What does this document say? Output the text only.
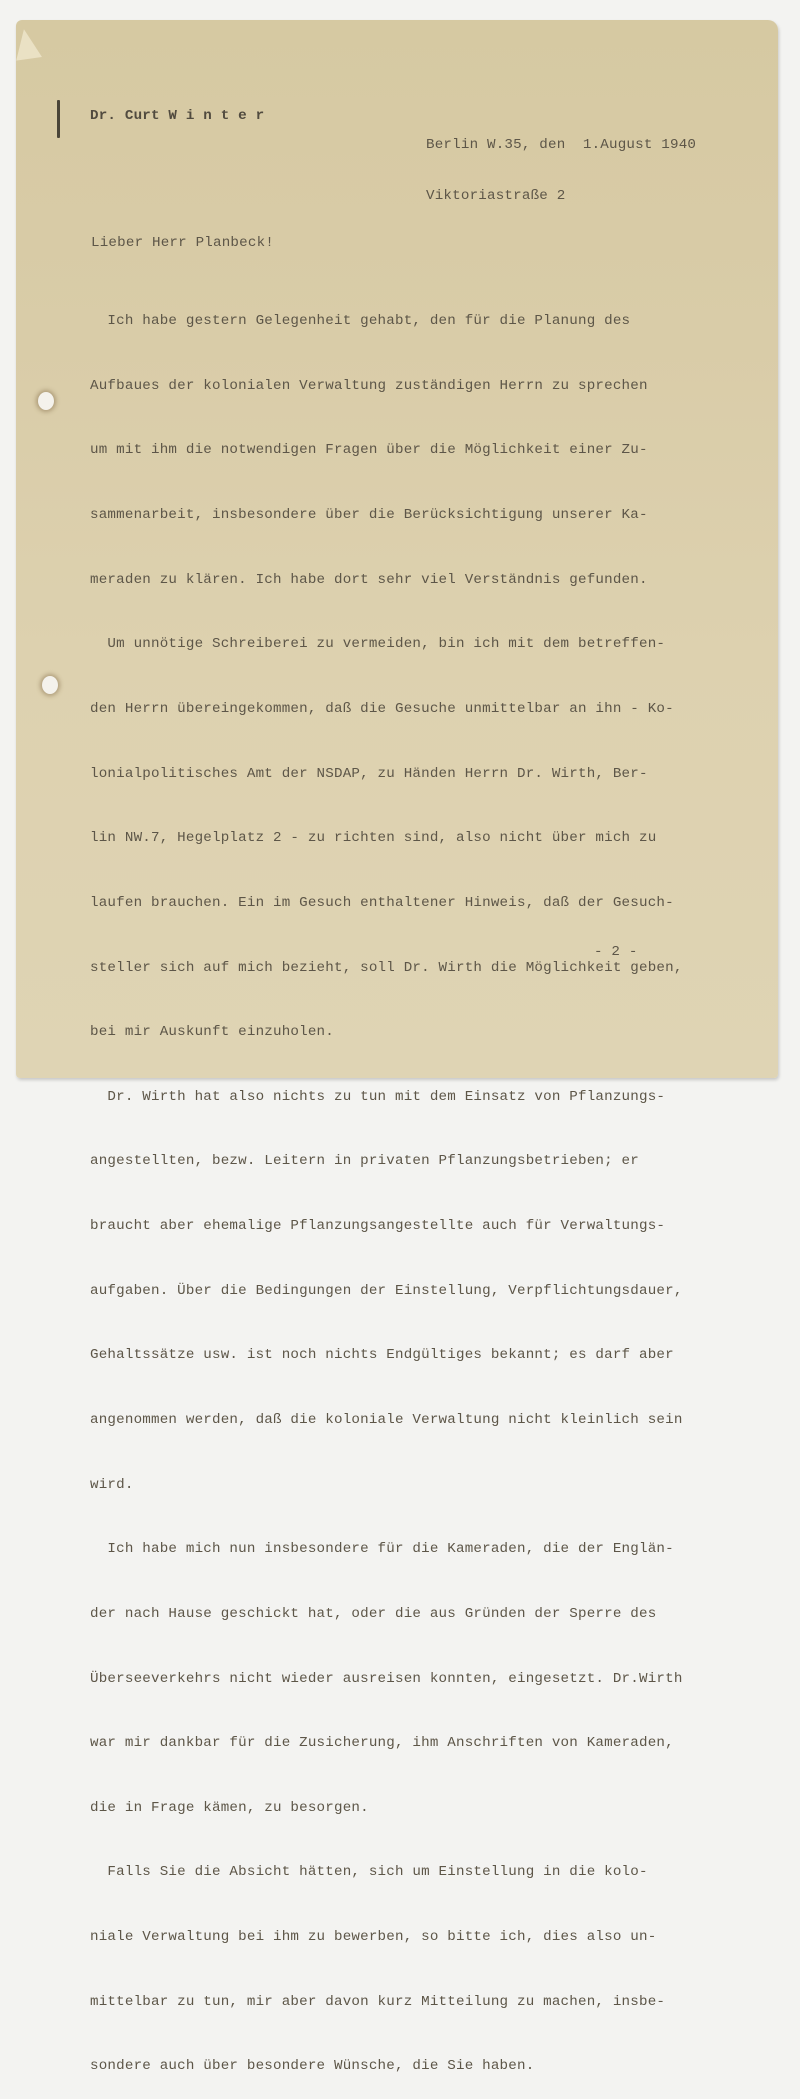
Dr. Curt W i n t e r

Berlin W.35, den  1.August 1940

Viktoriastraße 2

Lieber Herr Planbeck!

Ich habe gestern Gelegenheit gehabt, den für die Planung des

Aufbaues der kolonialen Verwaltung zuständigen Herrn zu sprechen

um mit ihm die notwendigen Fragen über die Möglichkeit einer Zu-

sammenarbeit, insbesondere über die Berücksichtigung unserer Ka-

meraden zu klären. Ich habe dort sehr viel Verständnis gefunden.

Um unnötige Schreiberei zu vermeiden, bin ich mit dem betreffen-

den Herrn übereingekommen, daß die Gesuche unmittelbar an ihn - Ko-

lonialpolitisches Amt der NSDAP, zu Händen Herrn Dr. Wirth, Ber-

lin NW.7, Hegelplatz 2 - zu richten sind, also nicht über mich zu

laufen brauchen. Ein im Gesuch enthaltener Hinweis, daß der Gesuch-

steller sich auf mich bezieht, soll Dr. Wirth die Möglichkeit geben,

bei mir Auskunft einzuholen.

Dr. Wirth hat also nichts zu tun mit dem Einsatz von Pflanzungs-

angestellten, bezw. Leitern in privaten Pflanzungsbetrieben; er

braucht aber ehemalige Pflanzungsangestellte auch für Verwaltungs-

aufgaben. Über die Bedingungen der Einstellung, Verpflichtungsdauer,

Gehaltssätze usw. ist noch nichts Endgültiges bekannt; es darf aber

angenommen werden, daß die koloniale Verwaltung nicht kleinlich sein

wird.

Ich habe mich nun insbesondere für die Kameraden, die der Englän-

der nach Hause geschickt hat, oder die aus Gründen der Sperre des

Überseeverkehrs nicht wieder ausreisen konnten, eingesetzt. Dr.Wirth

war mir dankbar für die Zusicherung, ihm Anschriften von Kameraden,

die in Frage kämen, zu besorgen.

Falls Sie die Absicht hätten, sich um Einstellung in die kolo-

niale Verwaltung bei ihm zu bewerben, so bitte ich, dies also un-

mittelbar zu tun, mir aber davon kurz Mitteilung zu machen, insbe-

sondere auch über besondere Wünsche, die Sie haben.

- 2 -
